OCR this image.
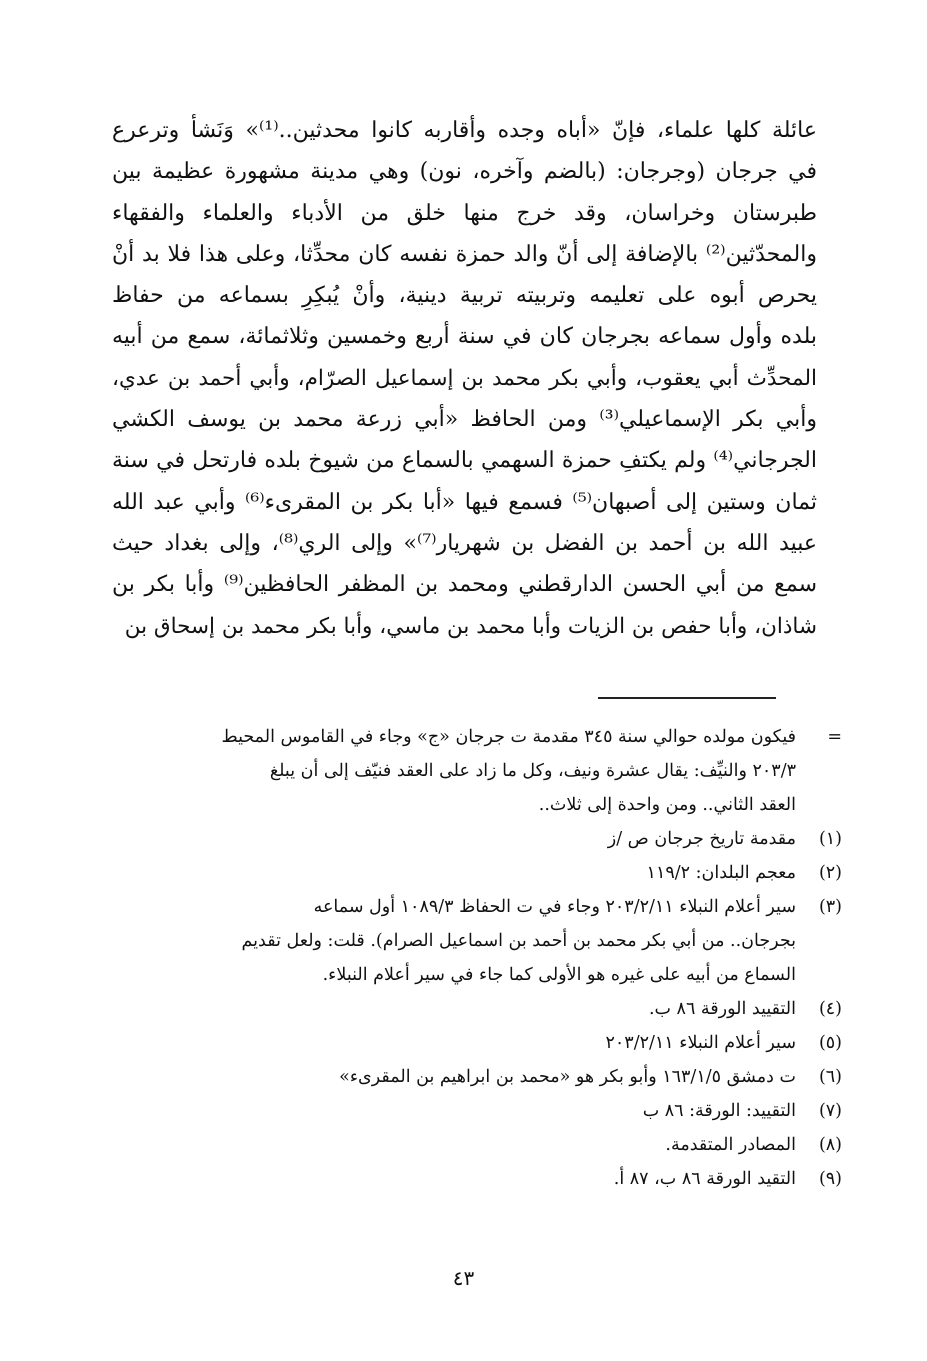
عائلة كلها علماء، فإنّ «أباه وجده وأقاربه كانوا محدثين..⁽¹⁾» وَنَشأ وترعرع
في جرجان (وجرجان: (بالضم وآخره، نون) وهي مدينة مشهورة عظيمة بين
طبرستان وخراسان، وقد خرج منها خلق من الأدباء والعلماء والفقهاء
والمحدّثين⁽²⁾ بالإضافة إلى أنّ والد حمزة نفسه كان محدِّثا، وعلى هذا فلا بد أنْ
يحرص أبوه على تعليمه وتربيته تربية دينية، وأنْ يُبكِرِ بسماعه من حفاظ
بلده وأول سماعه بجرجان كان في سنة أربع وخمسين وثلاثمائة، سمع من أبيه
المحدِّث أبي يعقوب، وأبي بكر محمد بن إسماعيل الصرّام، وأبي أحمد بن عدي،
وأبي بكر الإسماعيلي⁽³⁾ ومن الحافظ «أبي زرعة محمد بن يوسف الكشي
الجرجاني⁽⁴⁾ ولم يكتفِ حمزة السهمي بالسماع من شيوخ بلده فارتحل في سنة
ثمان وستين إلى أصبهان⁽⁵⁾ فسمع فيها «أبا بكر بن المقرىء⁽⁶⁾ وأبي عبد الله
عبيد الله بن أحمد بن الفضل بن شهريار⁽⁷⁾» وإلى الري⁽⁸⁾، وإلى بغداد حيث
سمع من أبي الحسن الدارقطني ومحمد بن المظفر الحافظين⁽⁹⁾ وأبا بكر بن
شاذان، وأبا حفص بن الزيات وأبا محمد بن ماسي، وأبا بكر محمد بن إسحاق بن
=
فيكون مولده حوالي سنة ٣٤٥ مقدمة ت جرجان «ج» وجاء في القاموس المحيط
٢٠٣/٣ والنيِّف: يقال عشرة ونيف، وكل ما زاد على العقد فنيّف إلى أن يبلغ
العقد الثاني.. ومن واحدة إلى ثلاث..
(١)
مقدمة تاريخ جرجان ص /ز
(٢)
معجم البلدان: ١١٩/٢
(٣)
سير أعلام النبلاء ٢٠٣/٢/١١ وجاء في ت الحفاظ ١٠٨٩/٣ أول سماعه
بجرجان.. من أبي بكر محمد بن أحمد بن اسماعيل الصرام). قلت: ولعل تقديم
السماع من أبيه على غيره هو الأولى كما جاء في سير أعلام النبلاء.
(٤)
التقييد الورقة ٨٦ ب.
(٥)
سير أعلام النبلاء ٢٠٣/٢/١١
(٦)
ت دمشق ١٦٣/١/٥ وأبو بكر هو «محمد بن ابراهيم بن المقرىء»
(٧)
التقييد: الورقة: ٨٦ ب
(٨)
المصادر المتقدمة.
(٩)
التقيد الورقة ٨٦ ب، ٨٧ أ.
٤٣
